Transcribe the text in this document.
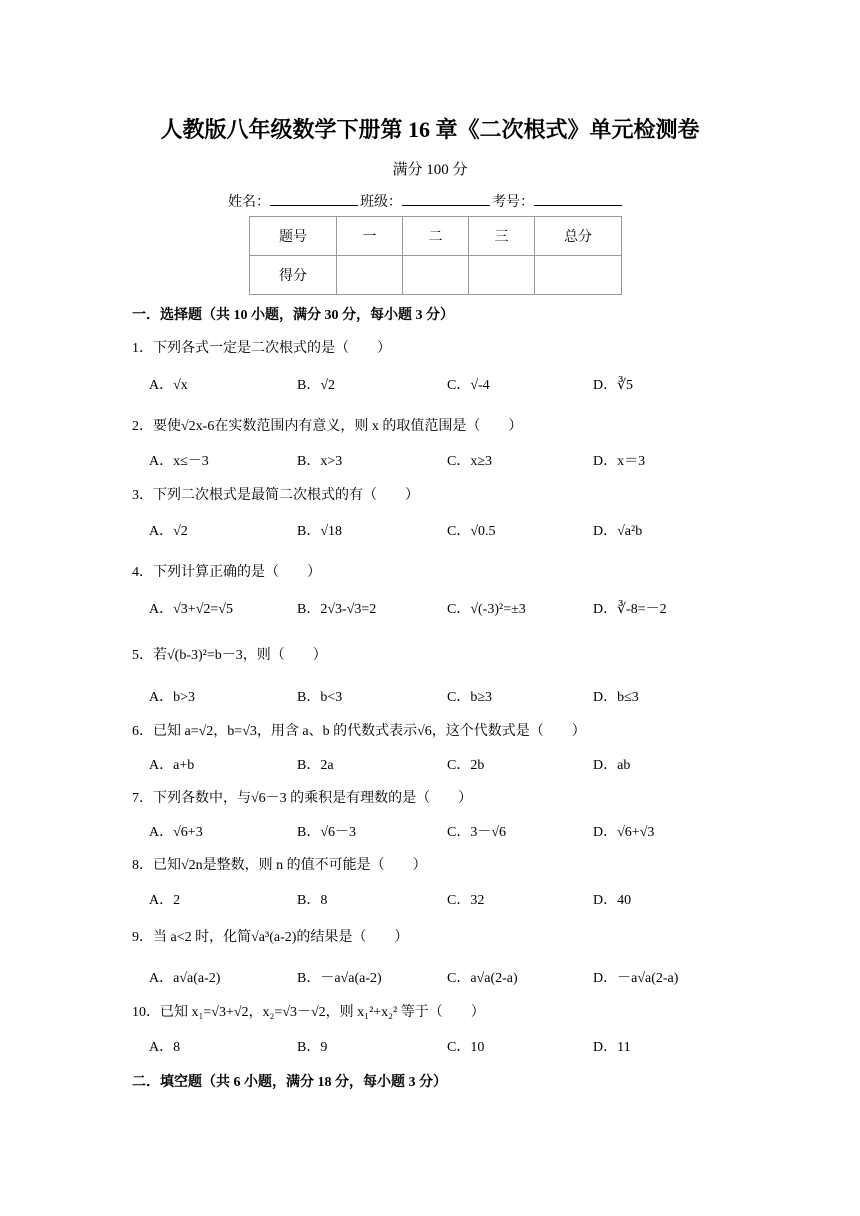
人教版八年级数学下册第 16 章《二次根式》单元检测卷
满分 100 分
姓名：	班级：	考号：
题号	一	二	三	总分
得分				
一．选择题（共 10 小题，满分 30 分，每小题 3 分）
1．下列各式一定是二次根式的是（　　）
A．√x	B．√2	C．√-4	D．∛5
2．要使√2x-6在实数范围内有意义，则 x 的取值范围是（　　）
A．x≤－3	B．x>3	C．x≥3	D．x＝3
3．下列二次根式是最简二次根式的有（　　）
A．√2	B．√18	C．√0.5	D．√a²b
4．下列计算正确的是（　　）
A．√3+√2=√5	B．2√3-√3=2	C．√(-3)²=±3	D．∛-8=－2
5．若√(b-3)²=b－3，则（　　）
A．b>3	B．b<3	C．b≥3	D．b≤3
6．已知 a=√2，b=√3，用含 a、b 的代数式表示√6，这个代数式是（　　）
A．a+b	B．2a	C．2b	D．ab
7．下列各数中，与√6－3 的乘积是有理数的是（　　）
A．√6+3	B．√6－3	C．3－√6	D．√6+√3
8．已知√2n是整数，则 n 的值不可能是（　　）
A．2	B．8	C．32	D．40
9．当 a<2 时，化简√a³(a-2)的结果是（　　）
A．a√a(a-2)	B．－a√a(a-2)	C．a√a(2-a)	D．－a√a(2-a)
10．已知 x₁=√3+√2，x₂=√3－√2，则 x₁²+x₂² 等于（　　）
A．8	B．9	C．10	D．11
二．填空题（共 6 小题，满分 18 分，每小题 3 分）
